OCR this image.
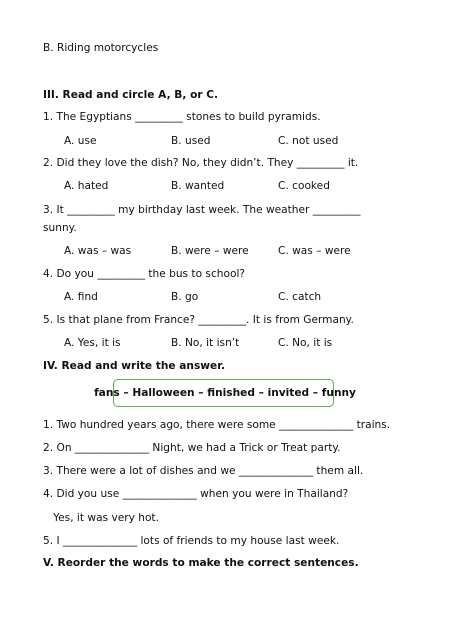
B. Riding motorcycles
III. Read and circle A, B, or C.
1. The Egyptians _________ stones to build pyramids.
A. use	B. used	C. not used
2. Did they love the dish? No, they didn’t. They _________ it.
A. hated	B. wanted	C. cooked
3. It _________ my birthday last week. The weather _________
sunny.
A. was – was	B. were – were	C. was – were
4. Do you _________ the bus to school?
A. find	B. go	C. catch
5. Is that plane from France? _________. It is from Germany.
A. Yes, it is	B. No, it isn’t	C. No, it is
IV. Read and write the answer.
fans – Halloween – finished – invited – funny
1. Two hundred years ago, there were some ______________ trains.
2. On ______________ Night, we had a Trick or Treat party.
3. There were a lot of dishes and we ______________ them all.
4. Did you use ______________ when you were in Thailand?
Yes, it was very hot.
5. I ______________ lots of friends to my house last week.
V. Reorder the words to make the correct sentences.
